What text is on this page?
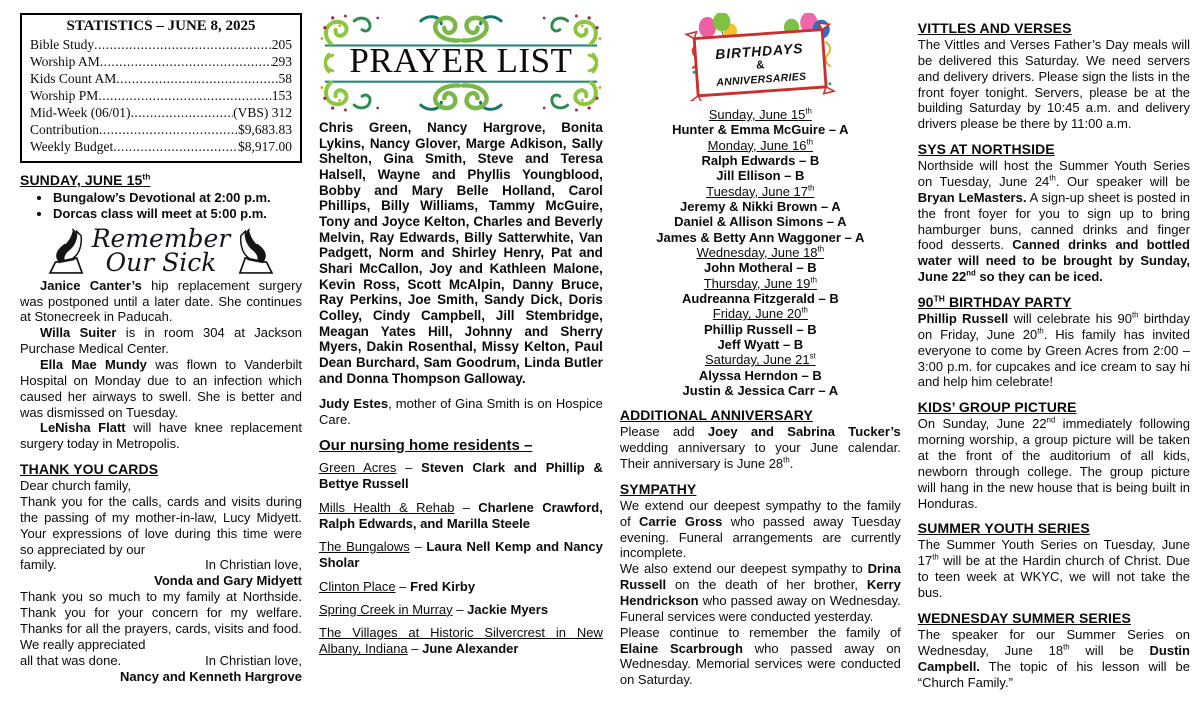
STATISTICS – JUNE 8, 2025
Bible Study .....	205
Worship AM .....	293
Kids Count AM .....	58
Worship PM .....	153
Mid-Week (06/01) .....	(VBS) 312
Contribution .....	$9,683.83
Weekly Budget .....	$8,917.00
SUNDAY, JUNE 15th
• Bungalow’s Devotional at 2:00 p.m.
• Dorcas class will meet at 5:00 p.m.
Remember
Our Sick

Janice Canter’s hip replacement surgery was postponed until a later date. She continues at Stonecreek in Paducah.

Willa Suiter is in room 304 at Jackson Purchase Medical Center.

Ella Mae Mundy was flown to Vanderbilt Hospital on Monday due to an infection which caused her airways to swell. She is better and was dismissed on Tuesday.

LeNisha Flatt will have knee replacement surgery today in Metropolis.

THANK YOU CARDS

Dear church family,

Thank you for the calls, cards and visits during the passing of my mother-in-law, Lucy Midyett. Your expressions of love during this time were so appreciated by our

family.	In Christian love,
Vonda and Gary Midyett

Thank you so much to my family at Northside. Thank you for your concern for my welfare. Thanks for all the prayers, cards, visits and food. We really appreciated

all that was done.	In Christian love,
Nancy and Kenneth Hargrove
PRAYER LIST

Chris Green, Nancy Hargrove, Bonita Lykins, Nancy Glover, Marge Adkison, Sally Shelton, Gina Smith, Steve and Teresa Halsell, Wayne and Phyllis Youngblood, Bobby and Mary Belle Holland, Carol Phillips, Billy Williams, Tammy McGuire, Tony and Joyce Kelton, Charles and Beverly Melvin, Ray Edwards, Billy Satterwhite, Van Padgett, Norm and Shirley Henry, Pat and Shari McCallon, Joy and Kathleen Malone, Kevin Ross, Scott McAlpin, Danny Bruce, Ray Perkins, Joe Smith, Sandy Dick, Doris Colley, Cindy Campbell, Jill Stembridge, Meagan Yates Hill, Johnny and Sherry Myers, Dakin Rosenthal, Missy Kelton, Paul Dean Burchard, Sam Goodrum, Linda Butler and Donna Thompson Galloway.

Judy Estes, mother of Gina Smith is on Hospice Care.

Our nursing home residents –

Green Acres – Steven Clark and Phillip & Bettye Russell

Mills Health & Rehab – Charlene Crawford, Ralph Edwards, and Marilla Steele

The Bungalows – Laura Nell Kemp and Nancy Sholar

Clinton Place – Fred Kirby

Spring Creek in Murray – Jackie Myers

The Villages at Historic Silvercrest in New Albany, Indiana – June Alexander

BIRTHDAYS
&
ANNIVERSARIES
Sunday, June 15th
Hunter & Emma McGuire – A
Monday, June 16th
Ralph Edwards – B
Jill Ellison – B
Tuesday, June 17th
Jeremy & Nikki Brown – A
Daniel & Allison Simons – A
James & Betty Ann Waggoner – A
Wednesday, June 18th
John Motheral – B
Thursday, June 19th
Audreanna Fitzgerald – B
Friday, June 20th
Phillip Russell – B
Jeff Wyatt – B
Saturday, June 21st
Alyssa Herndon – B
Justin & Jessica Carr – A
ADDITIONAL ANNIVERSARY

Please add Joey and Sabrina Tucker’s wedding anniversary to your June calendar. Their anniversary is June 28th.

SYMPATHY

We extend our deepest sympathy to the family of Carrie Gross who passed away Tuesday evening. Funeral arrangements are currently incomplete.

We also extend our deepest sympathy to Drina Russell on the death of her brother, Kerry Hendrickson who passed away on Wednesday. Funeral services were conducted yesterday.

Please continue to remember the family of Elaine Scarbrough who passed away on Wednesday. Memorial services were conducted on Saturday.

VITTLES AND VERSES

The Vittles and Verses Father’s Day meals will be delivered this Saturday. We need servers and delivery drivers. Please sign the lists in the front foyer tonight. Servers, please be at the building Saturday by 10:45 a.m. and delivery drivers please be there by 11:00 a.m.

SYS AT NORTHSIDE

Northside will host the Summer Youth Series on Tuesday, June 24th. Our speaker will be Bryan LeMasters. A sign-up sheet is posted in the front foyer for you to sign up to bring hamburger buns, canned drinks and finger food desserts. Canned drinks and bottled water will need to be brought by Sunday, June 22nd so they can be iced.

90TH BIRTHDAY PARTY

Phillip Russell will celebrate his 90th birthday on Friday, June 20th. His family has invited everyone to come by Green Acres from 2:00 – 3:00 p.m. for cupcakes and ice cream to say hi and help him celebrate!

KIDS’ GROUP PICTURE

On Sunday, June 22nd immediately following morning worship, a group picture will be taken at the front of the auditorium of all kids, newborn through college. The group picture will hang in the new house that is being built in Honduras.

SUMMER YOUTH SERIES

The Summer Youth Series on Tuesday, June 17th will be at the Hardin church of Christ. Due to teen week at WKYC, we will not take the bus.

WEDNESDAY SUMMER SERIES

The speaker for our Summer Series on Wednesday, June 18th will be Dustin Campbell. The topic of his lesson will be “Church Family.”
